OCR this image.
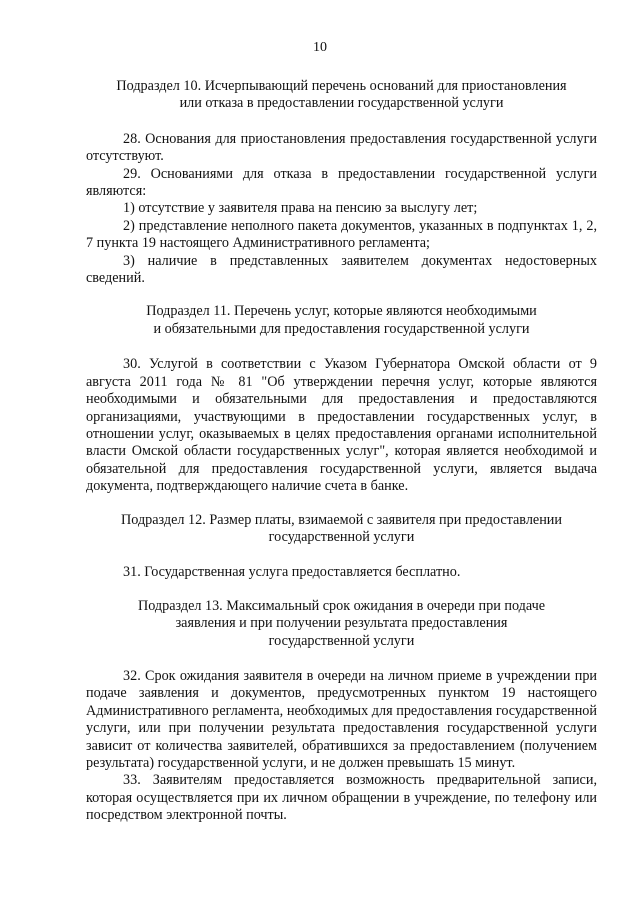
10
Подраздел 10. Исчерпывающий перечень оснований для приостановления
или отказа в предоставлении государственной услуги

28. Основания для приостановления предоставления государственной услуги отсутствуют.

29. Основаниями для отказа в предоставлении государственной услуги являются:

1) отсутствие у заявителя права на пенсию за выслугу лет;

2) представление неполного пакета документов, указанных в подпунктах 1, 2, 7 пункта 19 настоящего Административного регламента;

3) наличие в представленных заявителем документах недостоверных сведений.

Подраздел 11. Перечень услуг, которые являются необходимыми
и обязательными для предоставления государственной услуги

30. Услугой в соответствии с Указом Губернатора Омской области от 9 августа 2011 года № 81 "Об утверждении перечня услуг, которые являются необходимыми и обязательными для предоставления и предоставляются организациями, участвующими в предоставлении государственных услуг, в отношении услуг, оказываемых в целях предоставления органами исполнительной власти Омской области государственных услуг", которая является необходимой и обязательной для предоставления государственной услуги, является выдача документа, подтверждающего наличие счета в банке.

Подраздел 12. Размер платы, взимаемой с заявителя при предоставлении
государственной услуги

31. Государственная услуга предоставляется бесплатно.

Подраздел 13. Максимальный срок ожидания в очереди при подаче
заявления и при получении результата предоставления
государственной услуги

32. Срок ожидания заявителя в очереди на личном приеме в учреждении при подаче заявления и документов, предусмотренных пунктом 19 настоящего Административного регламента, необходимых для предоставления государственной услуги, или при получении результата предоставления государственной услуги зависит от количества заявителей, обратившихся за предоставлением (получением результата) государственной услуги, и не должен превышать 15 минут.

33. Заявителям предоставляется возможность предварительной записи, которая осуществляется при их личном обращении в учреждение, по телефону или посредством электронной почты.
